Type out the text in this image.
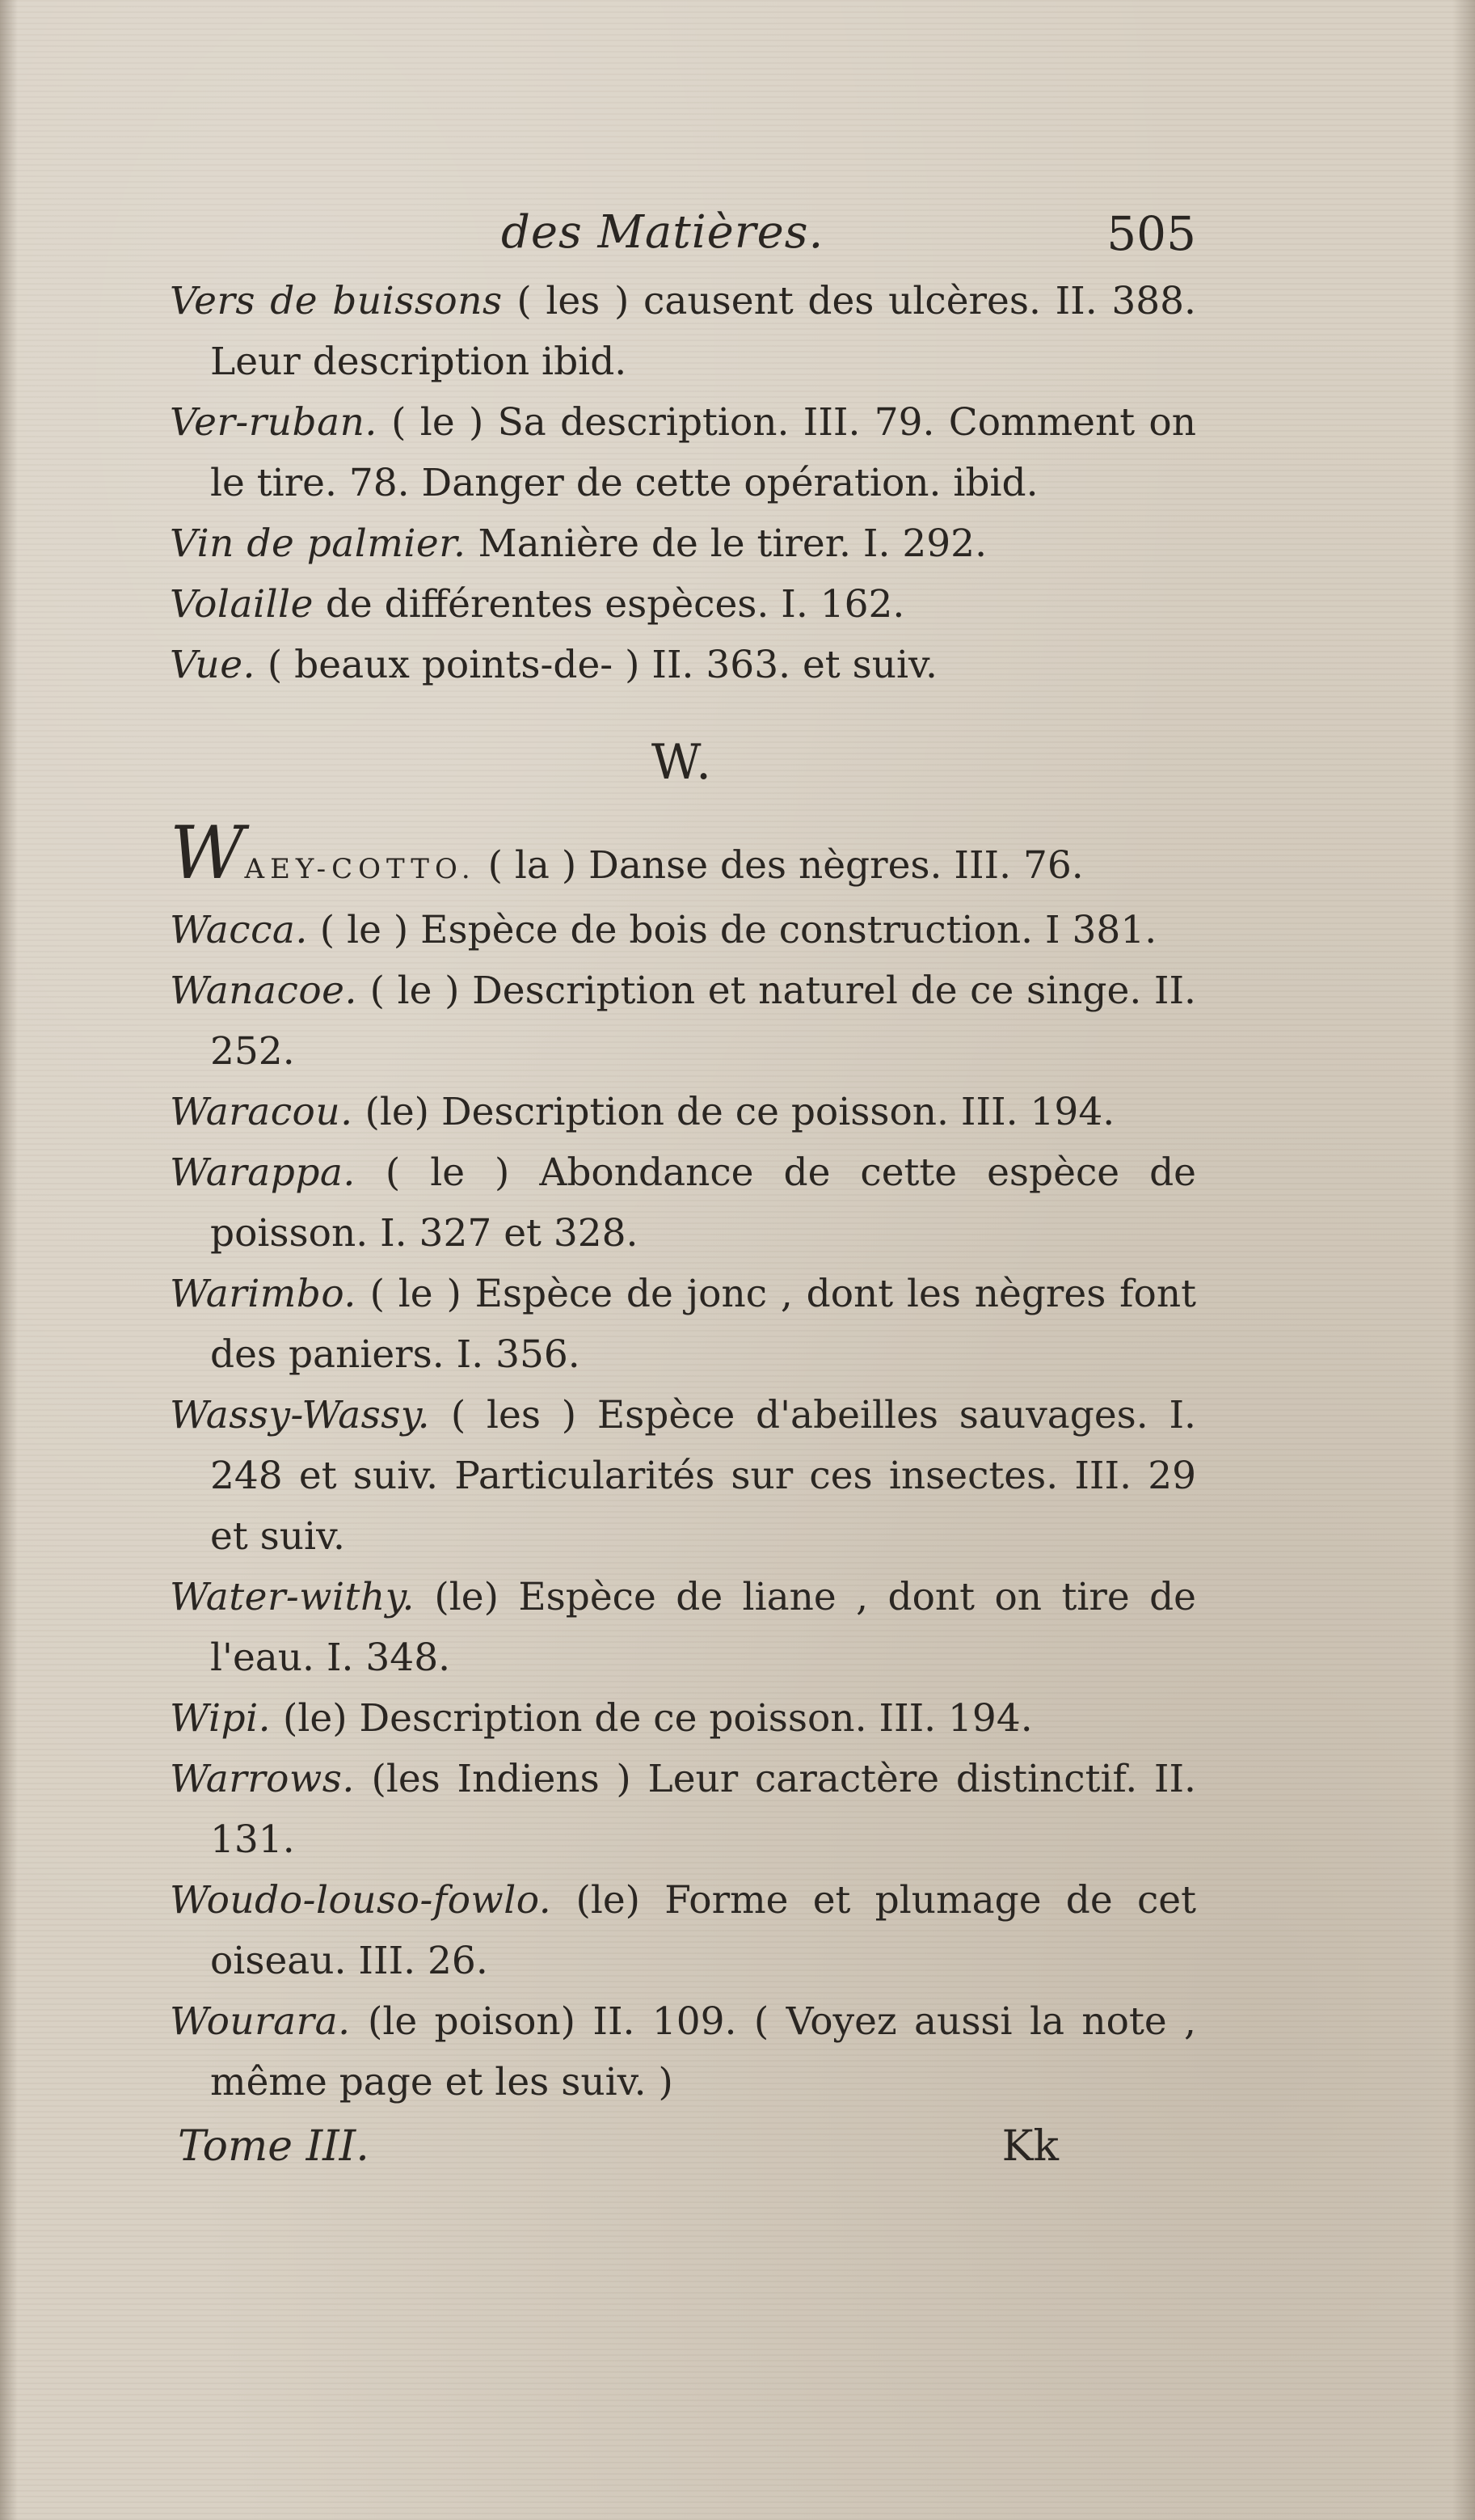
des Matières.	505
Vers de buissons ( les ) causent des ulcères. II. 388. Leur description ibid.
Ver-ruban. ( le ) Sa description. III. 79. Comment on le tire. 78. Danger de cette opération. ibid.
Vin de palmier. Manière de le tirer. I. 292.
Volaille de différentes espèces. I. 162.
Vue. ( beaux points-de- ) II. 363. et suiv.
W.
WAEY-COTTO. ( la ) Danse des nègres. III. 76.
Wacca. ( le ) Espèce de bois de construction. I 381.
Wanacoe. ( le ) Description et naturel de ce singe. II. 252.
Waracou. (le) Description de ce poisson. III. 194.
Warappa. ( le ) Abondance de cette espèce de poisson. I. 327 et 328.
Warimbo. ( le ) Espèce de jonc , dont les nègres font des paniers. I. 356.
Wassy-Wassy. ( les ) Espèce d'abeilles sauvages. I. 248 et suiv. Particularités sur ces insectes. III. 29 et suiv.
Water-withy. (le) Espèce de liane , dont on tire de l'eau. I. 348.
Wipi. (le) Description de ce poisson. III. 194.
Warrows. (les Indiens ) Leur caractère distinctif. II. 131.
Woudo-louso-fowlo. (le) Forme et plumage de cet oiseau. III. 26.
Wourara. (le poison) II. 109. ( Voyez aussi la note , même page et les suiv. )
Tome III.	Kk
